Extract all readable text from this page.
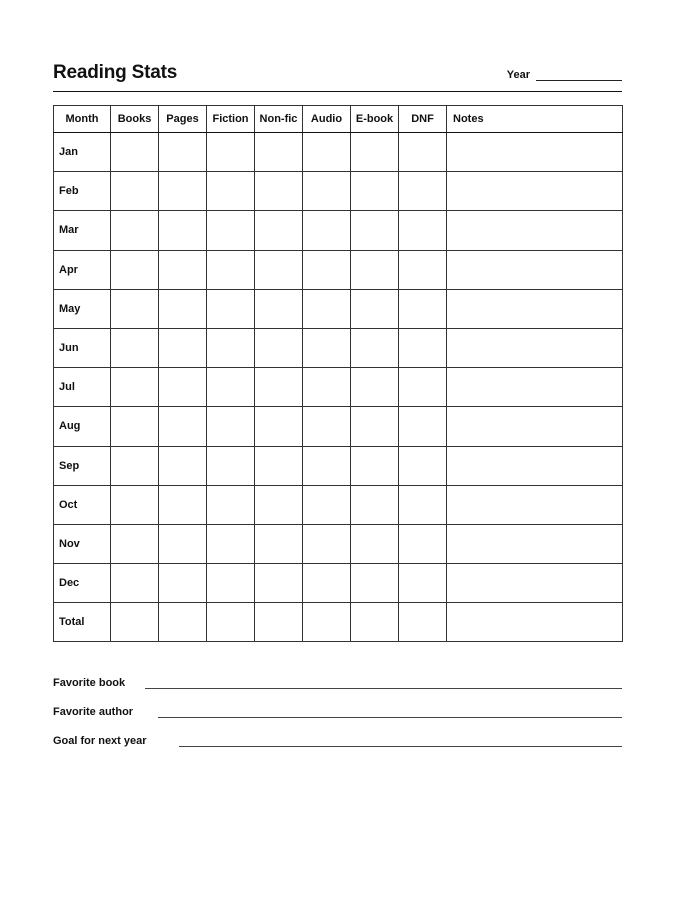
Reading Stats	Year
Month	Books	Pages	Fiction	Non-fic	Audio	E-book	DNF	Notes
Jan								
Feb								
Mar								
Apr								
May								
Jun								
Jul								
Aug								
Sep								
Oct								
Nov								
Dec								
Total								
Favorite book
Favorite author
Goal for next year
